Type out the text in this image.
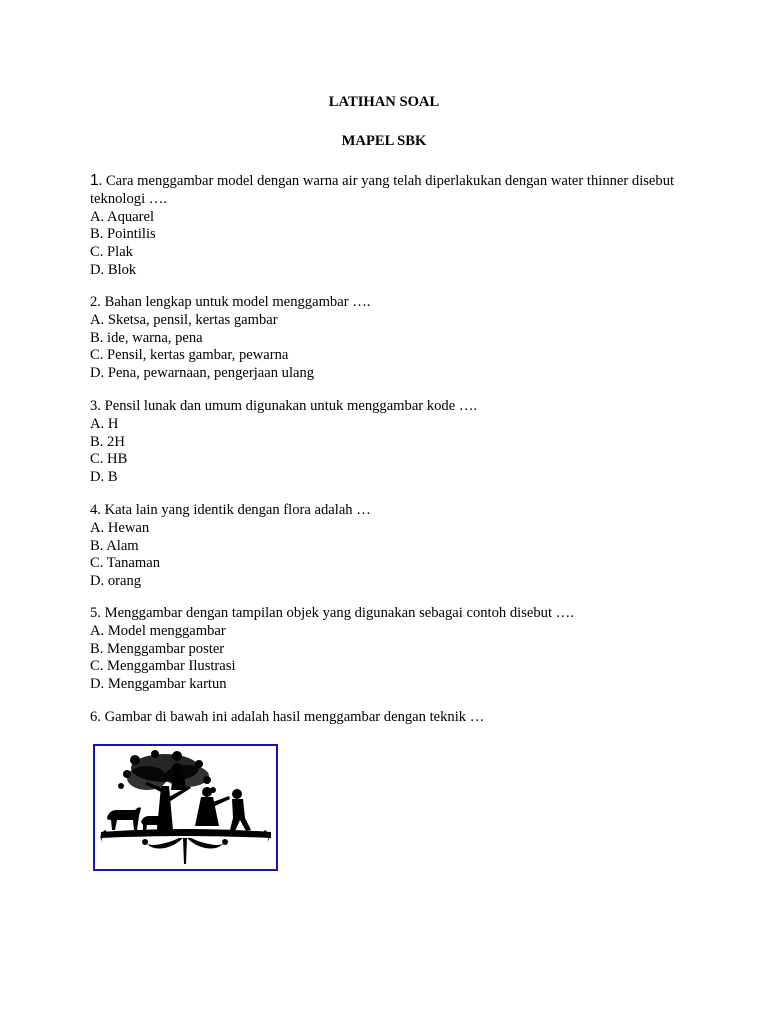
LATIHAN SOAL
MAPEL SBK

1. Cara menggambar model dengan warna air yang telah diperlakukan dengan water thinner disebut teknologi ….

A. Aquarel

B. Pointilis

C. Plak

D. Blok

2. Bahan lengkap untuk model menggambar ….

A. Sketsa, pensil, kertas gambar

B. ide, warna, pena

C. Pensil, kertas gambar, pewarna

D. Pena, pewarnaan, pengerjaan ulang

3. Pensil lunak dan umum digunakan untuk menggambar kode ….

A. H

B. 2H

C. HB

D. B

4. Kata lain yang identik dengan flora adalah …

A. Hewan

B. Alam

C. Tanaman

D. orang

5. Menggambar dengan tampilan objek yang digunakan sebagai contoh disebut ….

A. Model menggambar

B. Menggambar poster

C. Menggambar Ilustrasi

D. Menggambar kartun

6. Gambar di bawah ini adalah hasil menggambar dengan teknik …
